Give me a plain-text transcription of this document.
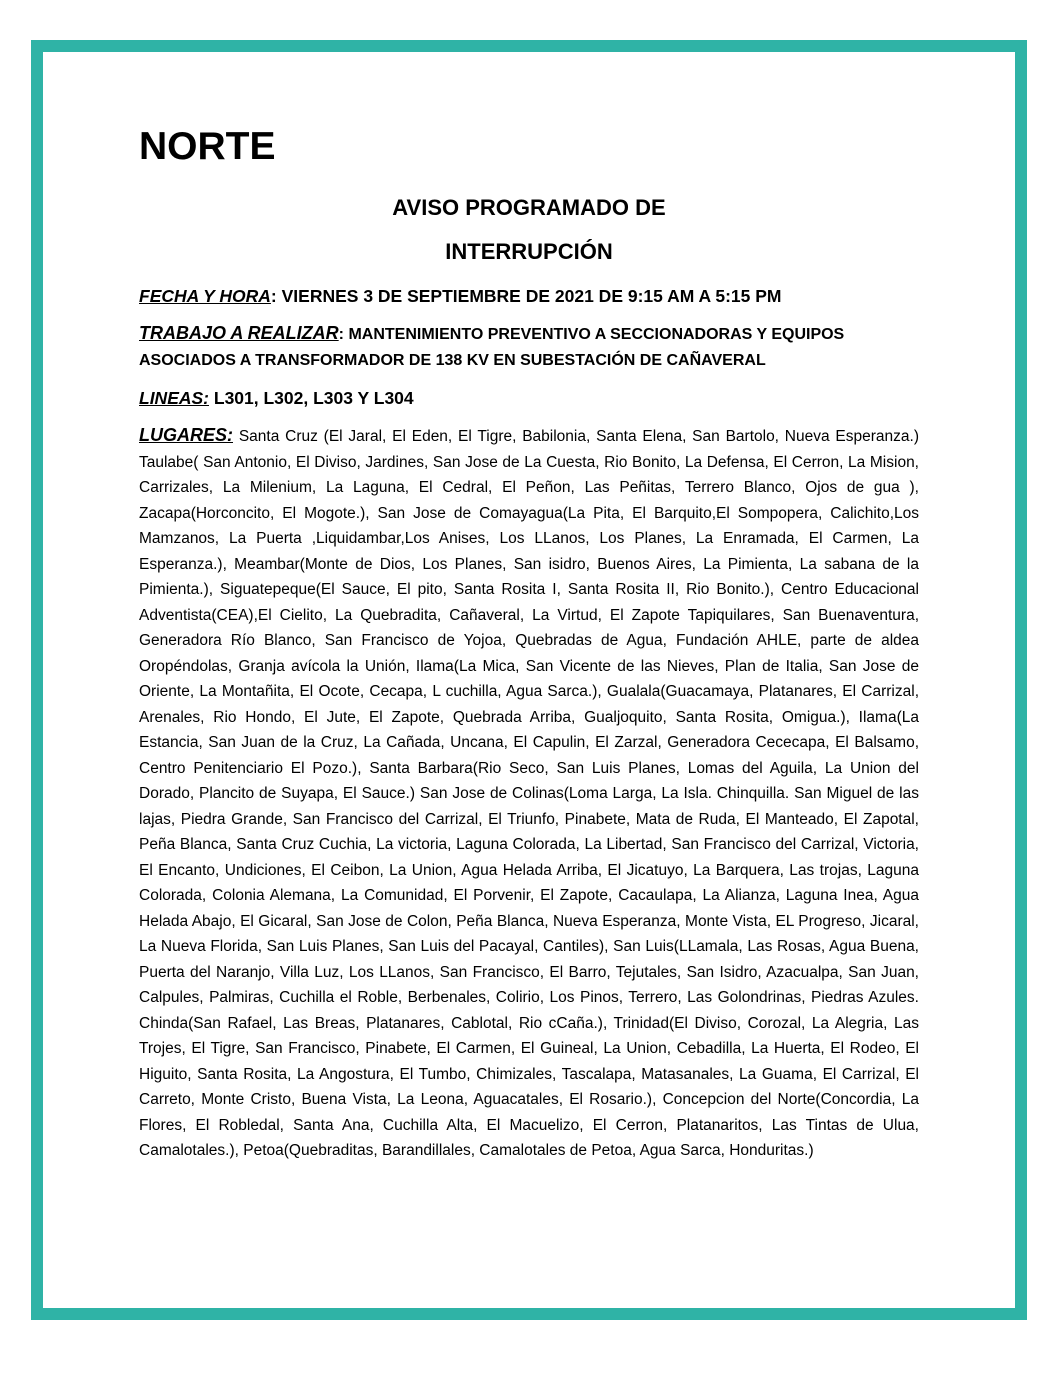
NORTE
AVISO PROGRAMADO DE
INTERRUPCIÓN

FECHA Y HORA: VIERNES 3 DE SEPTIEMBRE DE 2021 DE 9:15 AM A 5:15 PM

TRABAJO A REALIZAR: MANTENIMIENTO PREVENTIVO A SECCIONADORAS Y EQUIPOS ASOCIADOS A TRANSFORMADOR DE 138 KV EN SUBESTACIÓN DE CAÑAVERAL

LINEAS: L301, L302, L303 Y L304

LUGARES: Santa Cruz (El Jaral, El Eden, El Tigre, Babilonia, Santa Elena, San Bartolo, Nueva Esperanza.) Taulabe( San Antonio, El Diviso, Jardines, San Jose de La Cuesta, Rio Bonito, La Defensa, El Cerron, La Mision, Carrizales, La Milenium, La Laguna, El Cedral, El Peñon, Las Peñitas, Terrero Blanco, Ojos de gua ), Zacapa(Horconcito, El Mogote.), San Jose de Comayagua(La Pita, El Barquito,El Sompopera, Calichito,Los Mamzanos, La Puerta ,Liquidambar,Los Anises, Los LLanos, Los Planes, La Enramada, El Carmen, La Esperanza.), Meambar(Monte de Dios, Los Planes, San isidro, Buenos Aires, La Pimienta, La sabana de la Pimienta.), Siguatepeque(El Sauce, El pito, Santa Rosita I, Santa Rosita II, Rio Bonito.), Centro Educacional Adventista(CEA),El Cielito, La Quebradita, Cañaveral, La Virtud, El Zapote Tapiquilares, San Buenaventura, Generadora Río Blanco, San Francisco de Yojoa, Quebradas de Agua, Fundación AHLE, parte de aldea Oropéndolas, Granja avícola la Unión, Ilama(La Mica, San Vicente de las Nieves, Plan de Italia, San Jose de Oriente, La Montañita, El Ocote, Cecapa, L cuchilla, Agua Sarca.), Gualala(Guacamaya, Platanares, El Carrizal, Arenales, Rio Hondo, El Jute, El Zapote, Quebrada Arriba, Gualjoquito, Santa Rosita, Omigua.), Ilama(La Estancia, San Juan de la Cruz, La Cañada, Uncana, El Capulin, El Zarzal, Generadora Cececapa, El Balsamo, Centro Penitenciario El Pozo.), Santa Barbara(Rio Seco, San Luis Planes, Lomas del Aguila, La Union del Dorado, Plancito de Suyapa, El Sauce.) San Jose de Colinas(Loma Larga, La Isla. Chinquilla. San Miguel de las lajas, Piedra Grande, San Francisco del Carrizal, El Triunfo, Pinabete, Mata de Ruda, El Manteado, El Zapotal, Peña Blanca, Santa Cruz Cuchia, La victoria, Laguna Colorada, La Libertad, San Francisco del Carrizal, Victoria, El Encanto, Undiciones, El Ceibon, La Union, Agua Helada Arriba, El Jicatuyo, La Barquera, Las trojas, Laguna Colorada, Colonia Alemana, La Comunidad, El Porvenir, El Zapote, Cacaulapa, La Alianza, Laguna Inea, Agua Helada Abajo, El Gicaral, San Jose de Colon, Peña Blanca, Nueva Esperanza, Monte Vista, EL Progreso, Jicaral, La Nueva Florida, San Luis Planes, San Luis del Pacayal, Cantiles), San Luis(LLamala, Las Rosas, Agua Buena, Puerta del Naranjo, Villa Luz, Los LLanos, San Francisco, El Barro, Tejutales, San Isidro, Azacualpa, San Juan, Calpules, Palmiras, Cuchilla el Roble, Berbenales, Colirio, Los Pinos, Terrero, Las Golondrinas, Piedras Azules. Chinda(San Rafael, Las Breas, Platanares, Cablotal, Rio cCaña.), Trinidad(El Diviso, Corozal, La Alegria, Las Trojes, El Tigre, San Francisco, Pinabete, El Carmen, El Guineal, La Union, Cebadilla, La Huerta, El Rodeo, El Higuito, Santa Rosita, La Angostura, El Tumbo, Chimizales, Tascalapa, Matasanales, La Guama, El Carrizal, El Carreto, Monte Cristo, Buena Vista, La Leona, Aguacatales, El Rosario.), Concepcion del Norte(Concordia, La Flores, El Robledal, Santa Ana, Cuchilla Alta, El Macuelizo, El Cerron, Platanaritos, Las Tintas de Ulua, Camalotales.), Petoa(Quebraditas, Barandillales, Camalotales de Petoa, Agua Sarca, Honduritas.)
